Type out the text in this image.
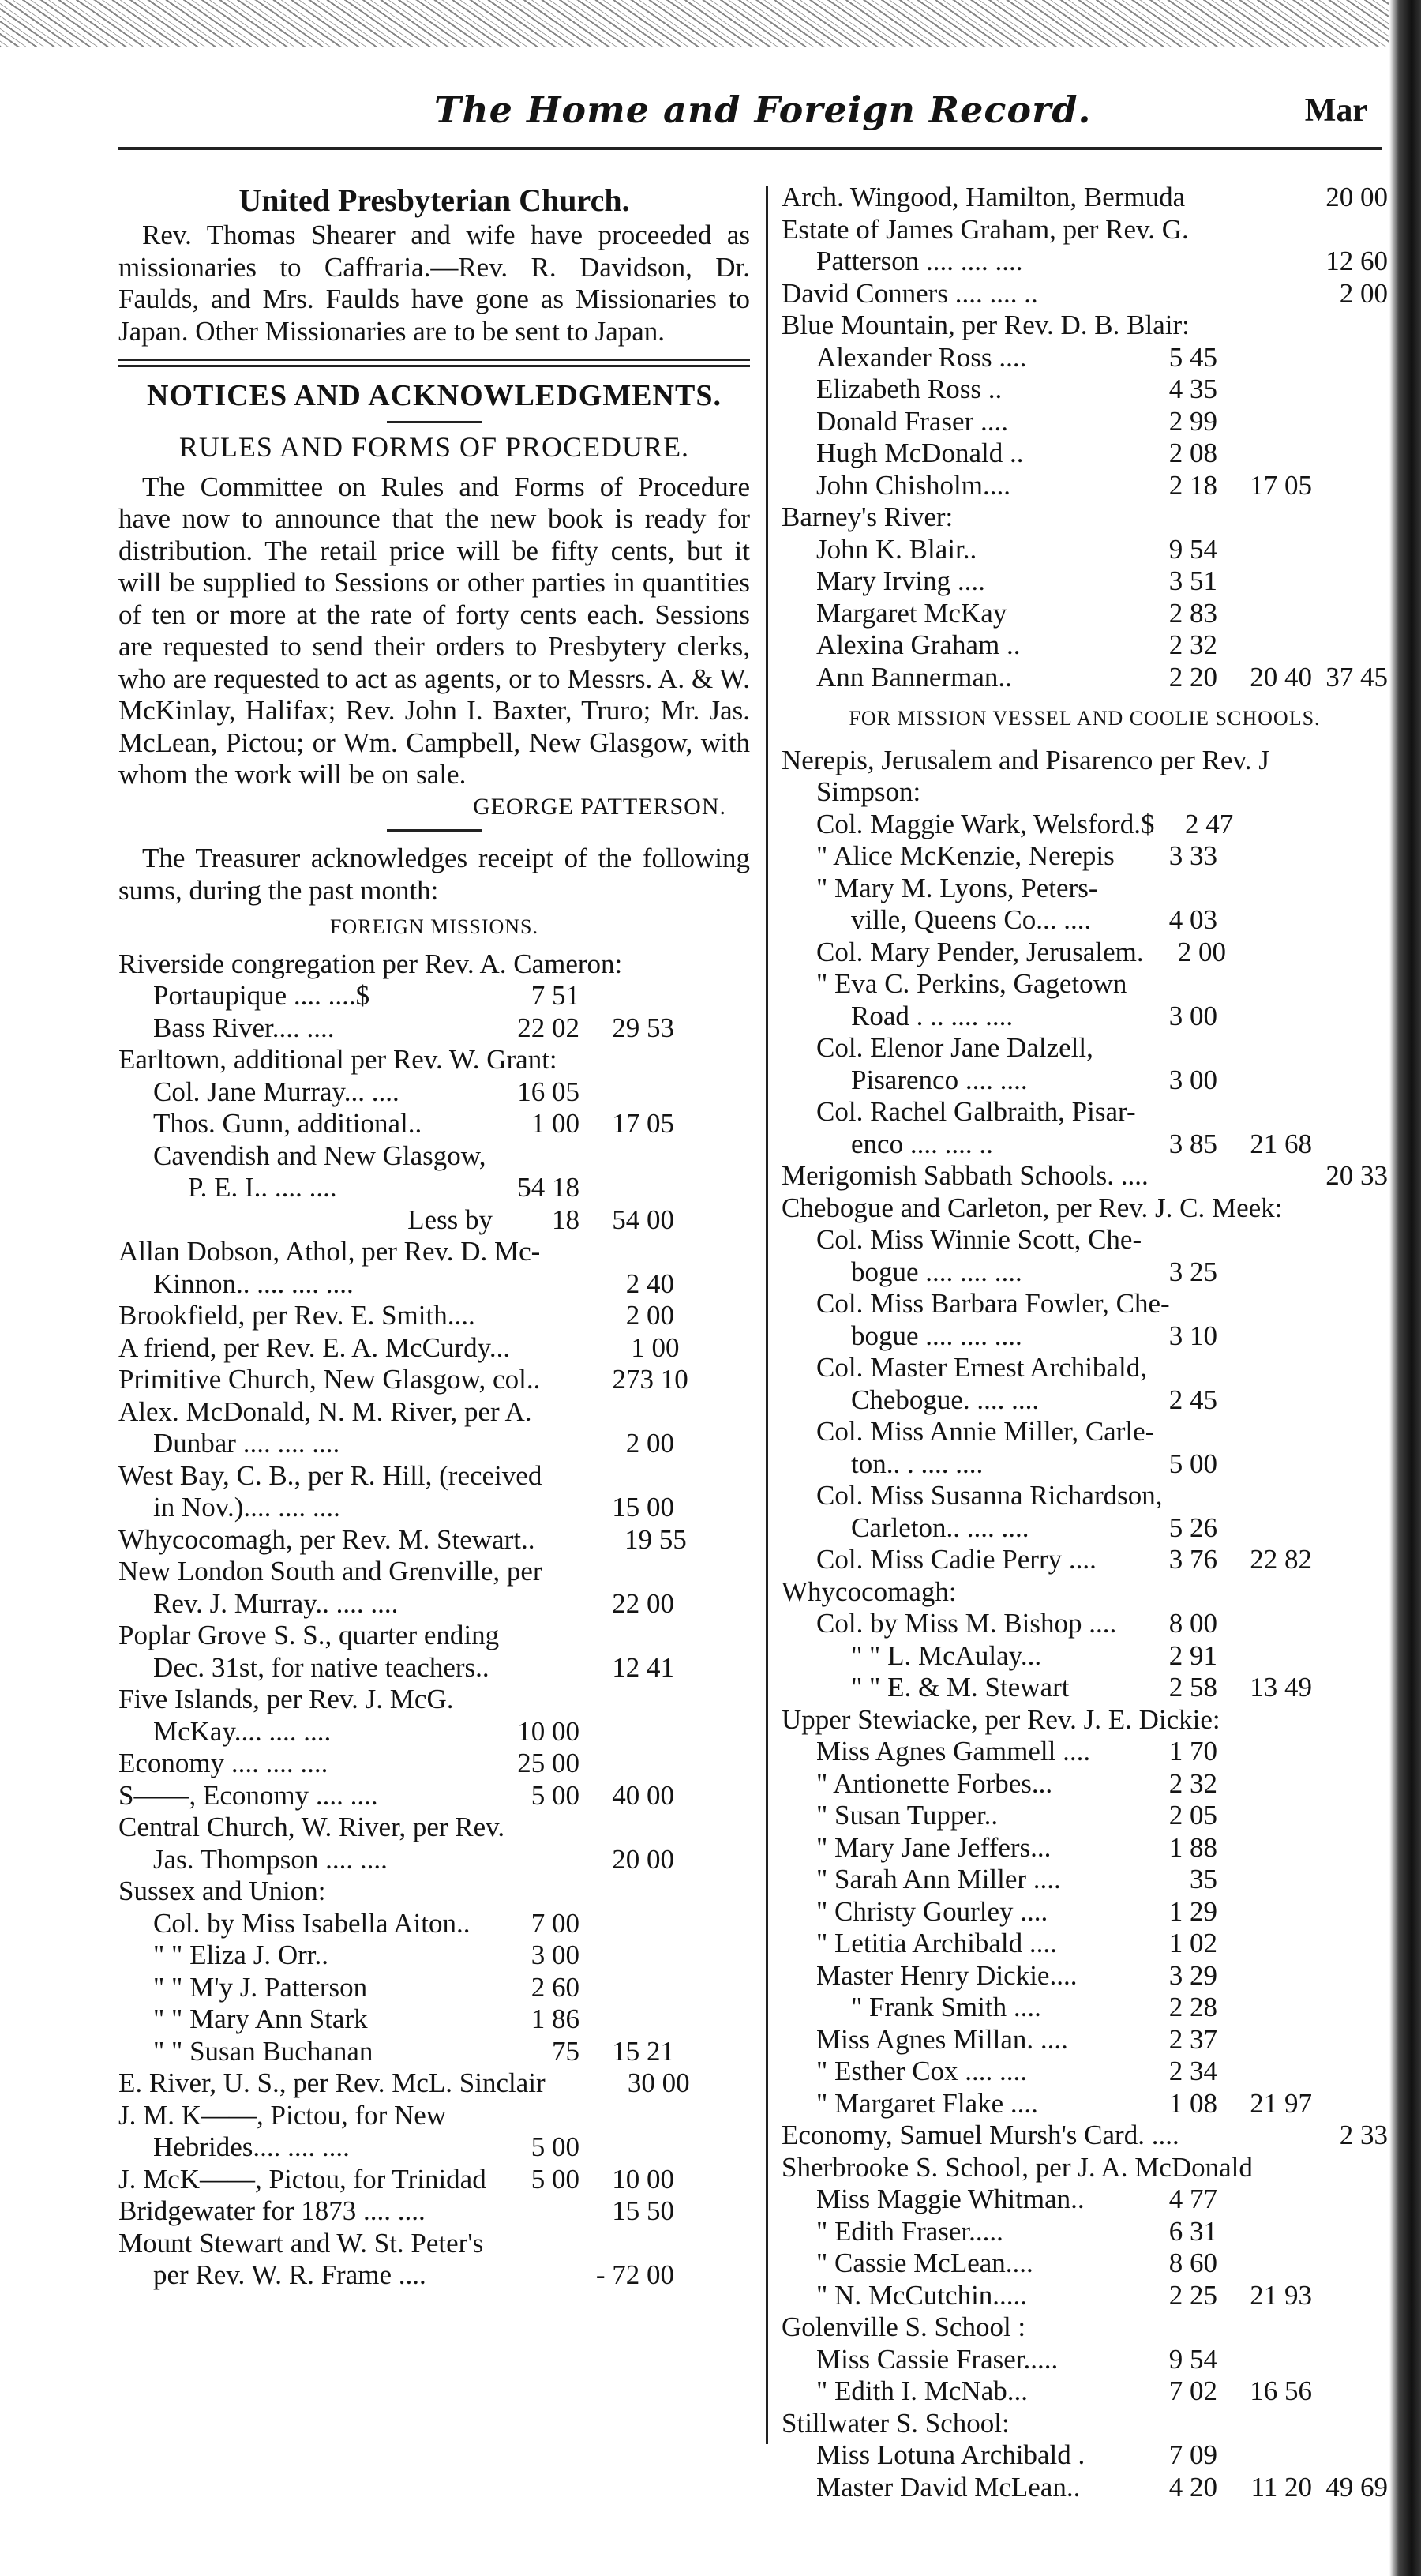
The Home and Foreign Record.	Mar

United Presbyterian Church.

Rev. Thomas Shearer and wife have proceeded as missionaries to Caffraria.—Rev. R. Davidson, Dr. Faulds, and Mrs. Faulds have gone as Missionaries to Japan. Other Missionaries are to be sent to Japan.

NOTICES AND ACKNOWLEDGMENTS.

RULES AND FORMS OF PROCEDURE.

The Committee on Rules and Forms of Procedure have now to announce that the new book is ready for distribution. The retail price will be fifty cents, but it will be supplied to Sessions or other parties in quantities of ten or more at the rate of forty cents each. Sessions are requested to send their orders to Presbytery clerks, who are requested to act as agents, or to Messrs. A. & W. McKinlay, Halifax; Rev. John I. Baxter, Truro; Mr. Jas. McLean, Pictou; or Wm. Campbell, New Glasgow, with whom the work will be on sale.

GEORGE PATTERSON.

The Treasurer acknowledges receipt of the following sums, during the past month:

FOREIGN MISSIONS.

Riverside congregation per Rev. A. Cameron:
Portaupique .... ....$	7 51
Bass River.... ....	22 02	29 53
Earltown, additional per Rev. W. Grant:
Col. Jane Murray... ....	16 05
Thos. Gunn, additional..	1 00	17 05
Cavendish and New Glasgow,
P. E. I.. .... ....	54 18
Less by	18	54 00
Allan Dobson, Athol, per Rev. D. Mc-
Kinnon.. .... .... ....	2 40
Brookfield, per Rev. E. Smith....	2 00
A friend, per Rev. E. A. McCurdy...	1 00
Primitive Church, New Glasgow, col..	273 10
Alex. McDonald, N. M. River, per A.
Dunbar .... .... ....	2 00
West Bay, C. B., per R. Hill, (received
in Nov.).... .... ....	15 00
Whycocomagh, per Rev. M. Stewart..	19 55
New London South and Grenville, per
Rev. J. Murray.. .... ....	22 00
Poplar Grove S. S., quarter ending
Dec. 31st, for native teachers..	12 41
Five Islands, per Rev. J. McG.
McKay.... .... ....	10 00
Economy .... .... ....	25 00
S——, Economy .... ....	5 00	40 00
Central Church, W. River, per Rev.
Jas. Thompson .... ....	20 00
Sussex and Union:
Col. by Miss Isabella Aiton..	7 00
" " Eliza J. Orr..	3 00
" " M'y J. Patterson	2 60
" " Mary Ann Stark	1 86
" " Susan Buchanan	75	15 21
E. River, U. S., per Rev. McL. Sinclair	30 00
J. M. K——, Pictou, for New
Hebrides.... .... ....	5 00
J. McK——, Pictou, for Trinidad	5 00	10 00
Bridgewater for 1873 .... ....	15 50
Mount Stewart and W. St. Peter's
per Rev. W. R. Frame ....	- 72 00
Arch. Wingood, Hamilton, Bermuda	20 00
Estate of James Graham, per Rev. G.
Patterson .... .... ....	12 60
David Conners .... .... ..	2 00
Blue Mountain, per Rev. D. B. Blair:
Alexander Ross ....	5 45
Elizabeth Ross ..	4 35
Donald Fraser ....	2 99
Hugh McDonald ..	2 08
John Chisholm....	2 18	17 05
Barney's River:
John K. Blair..	9 54
Mary Irving ....	3 51
Margaret McKay	2 83
Alexina Graham ..	2 32
Ann Bannerman..	2 20	20 40 37 45

FOR MISSION VESSEL AND COOLIE SCHOOLS.

Nerepis, Jerusalem and Pisarenco per Rev. J
Simpson:
Col. Maggie Wark, Welsford.$	2 47
" Alice McKenzie, Nerepis	3 33
" Mary M. Lyons, Peters-
ville, Queens Co... ....	4 03
Col. Mary Pender, Jerusalem.	2 00
" Eva C. Perkins, Gagetown
Road . .. .... ....	3 00
Col. Elenor Jane Dalzell,
Pisarenco .... ....	3 00
Col. Rachel Galbraith, Pisar-
enco .... .... ..	3 85	21 68
Merigomish Sabbath Schools. ....	20 33
Chebogue and Carleton, per Rev. J. C. Meek:
Col. Miss Winnie Scott, Che-
bogue .... .... ....	3 25
Col. Miss Barbara Fowler, Che-
bogue .... .... ....	3 10
Col. Master Ernest Archibald,
Chebogue. .... ....	2 45
Col. Miss Annie Miller, Carle-
ton.. . .... ....	5 00
Col. Miss Susanna Richardson,
Carleton.. .... ....	5 26
Col. Miss Cadie Perry ....	3 76	22 82
Whycocomagh:
Col. by Miss M. Bishop ....	8 00
" " L. McAulay...	2 91
" " E. & M. Stewart	2 58	13 49
Upper Stewiacke, per Rev. J. E. Dickie:
Miss Agnes Gammell ....	1 70
" Antionette Forbes...	2 32
" Susan Tupper..	2 05
" Mary Jane Jeffers...	1 88
" Sarah Ann Miller ....	35
" Christy Gourley ....	1 29
" Letitia Archibald ....	1 02
Master Henry Dickie....	3 29
" Frank Smith ....	2 28
Miss Agnes Millan. ....	2 37
" Esther Cox .... ....	2 34
" Margaret Flake ....	1 08	21 97
Economy, Samuel Mursh's Card. ....	2 33
Sherbrooke S. School, per J. A. McDonald
Miss Maggie Whitman..	4 77
" Edith Fraser.....	6 31
" Cassie McLean....	8 60
" N. McCutchin.....	2 25	21 93
Golenville S. School :
Miss Cassie Fraser.....	9 54
" Edith I. McNab...	7 02	16 56
Stillwater S. School:
Miss Lotuna Archibald .	7 09
Master David McLean..	4 20	11 20 49 69
